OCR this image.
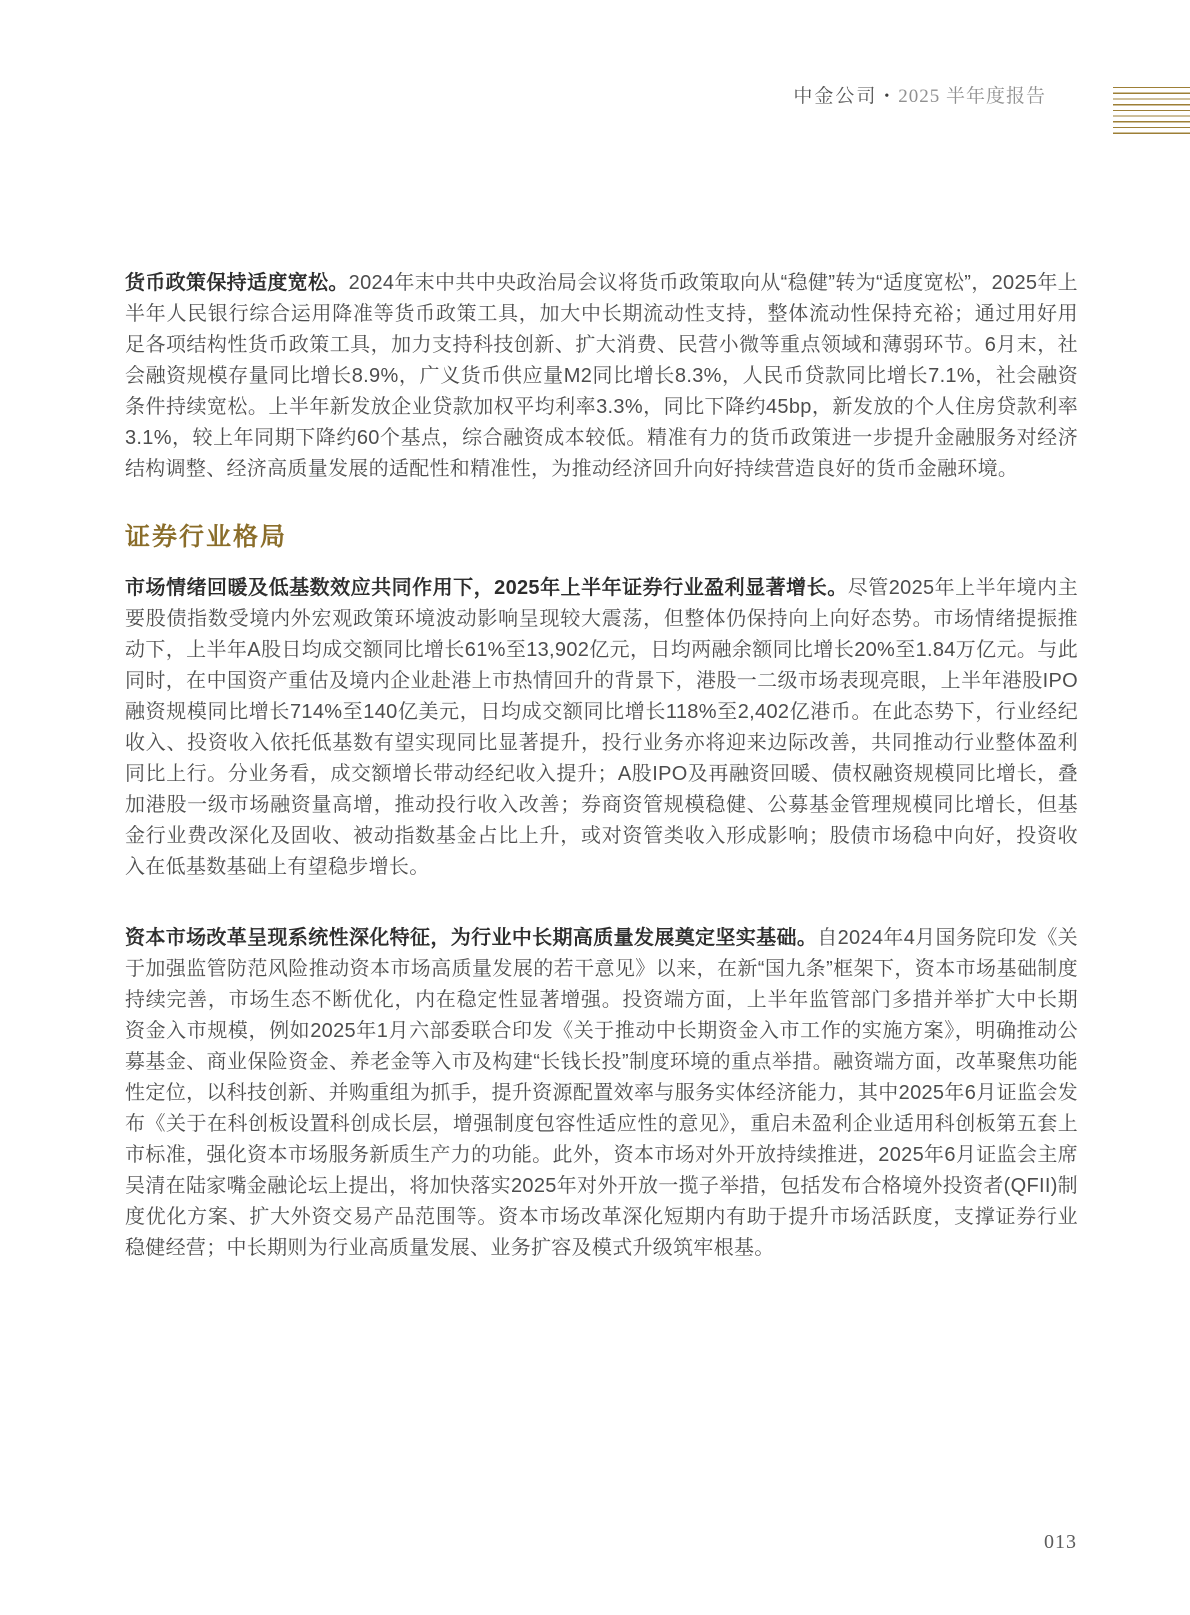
中金公司 • 2025 半年度报告

货币政策保持适度宽松。2024年末中共中央政治局会议将货币政策取向从“稳健”转为“适度宽松”，2025年上半年人民银行综合运用降准等货币政策工具，加大中长期流动性支持，整体流动性保持充裕；通过用好用足各项结构性货币政策工具，加力支持科技创新、扩大消费、民营小微等重点领域和薄弱环节。6月末，社会融资规模存量同比增长8.9%，广义货币供应量M2同比增长8.3%，人民币贷款同比增长7.1%，社会融资条件持续宽松。上半年新发放企业贷款加权平均利率3.3%，同比下降约45bp，新发放的个人住房贷款利率3.1%，较上年同期下降约60个基点，综合融资成本较低。精准有力的货币政策进一步提升金融服务对经济结构调整、经济高质量发展的适配性和精准性，为推动经济回升向好持续营造良好的货币金融环境。

证券行业格局

市场情绪回暖及低基数效应共同作用下，2025年上半年证券行业盈利显著增长。尽管2025年上半年境内主要股债指数受境内外宏观政策环境波动影响呈现较大震荡，但整体仍保持向上向好态势。市场情绪提振推动下，上半年A股日均成交额同比增长61%至13,902亿元，日均两融余额同比增长20%至1.84万亿元。与此同时，在中国资产重估及境内企业赴港上市热情回升的背景下，港股一二级市场表现亮眼，上半年港股IPO融资规模同比增长714%至140亿美元，日均成交额同比增长118%至2,402亿港币。在此态势下，行业经纪收入、投资收入依托低基数有望实现同比显著提升，投行业务亦将迎来边际改善，共同推动行业整体盈利同比上行。分业务看，成交额增长带动经纪收入提升；A股IPO及再融资回暖、债权融资规模同比增长，叠加港股一级市场融资量高增，推动投行收入改善；券商资管规模稳健、公募基金管理规模同比增长，但基金行业费改深化及固收、被动指数基金占比上升，或对资管类收入形成影响；股债市场稳中向好，投资收入在低基数基础上有望稳步增长。

资本市场改革呈现系统性深化特征，为行业中长期高质量发展奠定坚实基础。自2024年4月国务院印发《关于加强监管防范风险推动资本市场高质量发展的若干意见》以来，在新“国九条”框架下，资本市场基础制度持续完善，市场生态不断优化，内在稳定性显著增强。投资端方面，上半年监管部门多措并举扩大中长期资金入市规模，例如2025年1月六部委联合印发《关于推动中长期资金入市工作的实施方案》，明确推动公募基金、商业保险资金、养老金等入市及构建“长钱长投”制度环境的重点举措。融资端方面，改革聚焦功能性定位，以科技创新、并购重组为抓手，提升资源配置效率与服务实体经济能力，其中2025年6月证监会发布《关于在科创板设置科创成长层，增强制度包容性适应性的意见》，重启未盈利企业适用科创板第五套上市标准，强化资本市场服务新质生产力的功能。此外，资本市场对外开放持续推进，2025年6月证监会主席吴清在陆家嘴金融论坛上提出，将加快落实2025年对外开放一揽子举措，包括发布合格境外投资者(QFII)制度优化方案、扩大外资交易产品范围等。资本市场改革深化短期内有助于提升市场活跃度，支撑证券行业稳健经营；中长期则为行业高质量发展、业务扩容及模式升级筑牢根基。

013
